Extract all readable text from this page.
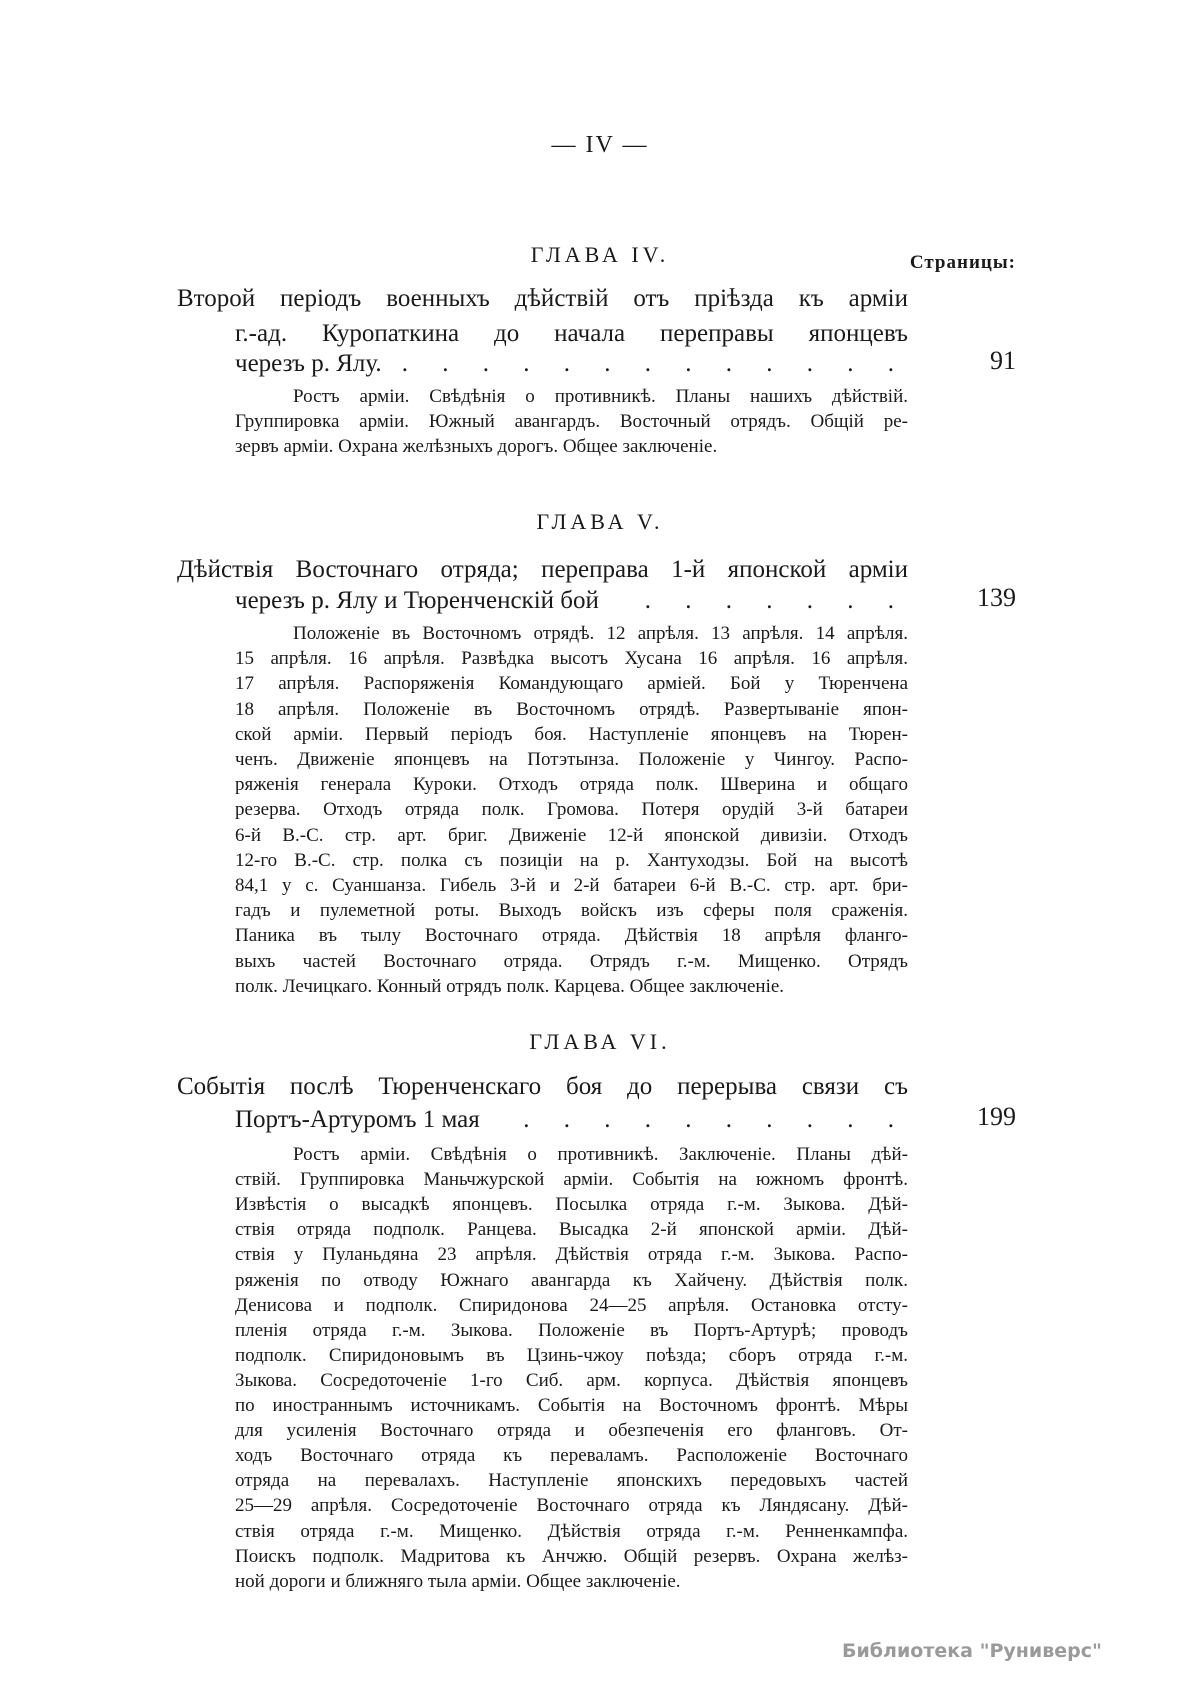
— IV —
Страницы:
ГЛАВА IV.
Второй періодъ военныхъ дѣйствій отъ пріѣзда къ арміи
г.-ад. Куропаткина до начала переправы японцевъ
черезъ р. Ялу. . . .	91
Ростъ арміи. Свѣдѣнія о противникѣ. Планы нашихъ дѣйствій.
Группировка арміи. Южный авангардъ. Восточный отрядъ. Общій ре-
зервъ арміи. Охрана желѣзныхъ дорогъ. Общее заключеніе.
ГЛАВА V.
Дѣйствія Восточнаго отряда; переправа 1-й японской арміи
черезъ р. Ялу и Тюренченскій бой . . .	139
Положеніе въ Восточномъ отрядѣ. 12 апрѣля. 13 апрѣля. 14 апрѣля.
15 апрѣля. 16 апрѣля. Развѣдка высотъ Хусана 16 апрѣля. 16 апрѣля.
17 апрѣля. Распоряженія Командующаго арміей. Бой у Тюренчена
18 апрѣля. Положеніе въ Восточномъ отрядѣ. Развертываніе япон-
ской арміи. Первый періодъ боя. Наступленіе японцевъ на Тюрен-
ченъ. Движеніе японцевъ на Потэтынза. Положеніе у Чингоу. Распо-
ряженія генерала Куроки. Отходъ отряда полк. Шверина и общаго
резерва. Отходъ отряда полк. Громова. Потеря орудій 3-й батареи
6-й В.-С. стр. арт. бриг. Движеніе 12-й японской дивизіи. Отходъ
12-го В.-С. стр. полка съ позиціи на р. Хантуходзы. Бой на высотѣ
84,1 у с. Суаншанза. Гибель 3-й и 2-й батареи 6-й В.-С. стр. арт. бри-
гадъ и пулеметной роты. Выходъ войскъ изъ сферы поля сраженія.
Паника въ тылу Восточнаго отряда. Дѣйствія 18 апрѣля фланго-
выхъ частей Восточнаго отряда. Отрядъ г.-м. Мищенко. Отрядъ
полк. Лечицкаго. Конный отрядъ полк. Карцева. Общее заключеніе.
ГЛАВА VI.
Событія послѣ Тюренченскаго боя до перерыва связи съ
Портъ-Артуромъ 1 мая . . .	199
Ростъ арміи. Свѣдѣнія о противникѣ. Заключеніе. Планы дѣй-
ствій. Группировка Маньчжурской арміи. Событія на южномъ фронтѣ.
Извѣстія о высадкѣ японцевъ. Посылка отряда г.-м. Зыкова. Дѣй-
ствія отряда подполк. Ранцева. Высадка 2-й японской арміи. Дѣй-
ствія у Пуланьдяна 23 апрѣля. Дѣйствія отряда г.-м. Зыкова. Распо-
ряженія по отводу Южнаго авангарда къ Хайчену. Дѣйствія полк.
Денисова и подполк. Спиридонова 24—25 апрѣля. Остановка отсту-
пленія отряда г.-м. Зыкова. Положеніе въ Портъ-Артурѣ; проводъ
подполк. Спиридоновымъ въ Цзинь-чжоу поѣзда; сборъ отряда г.-м.
Зыкова. Сосредоточеніе 1-го Сиб. арм. корпуса. Дѣйствія японцевъ
по иностраннымъ источникамъ. Событія на Восточномъ фронтѣ. Мѣры
для усиленія Восточнаго отряда и обезпеченія его фланговъ. От-
ходъ Восточнаго отряда къ переваламъ. Расположеніе Восточнаго
отряда на перевалахъ. Наступленіе японскихъ передовыхъ частей
25—29 апрѣля. Сосредоточеніе Восточнаго отряда къ Ляндясану. Дѣй-
ствія отряда г.-м. Мищенко. Дѣйствія отряда г.-м. Ренненкампфа.
Поискъ подполк. Мадритова къ Анчжю. Общій резервъ. Охрана желѣз-
ной дороги и ближняго тыла арміи. Общее заключеніе.
Библиотека "Руниверс"
